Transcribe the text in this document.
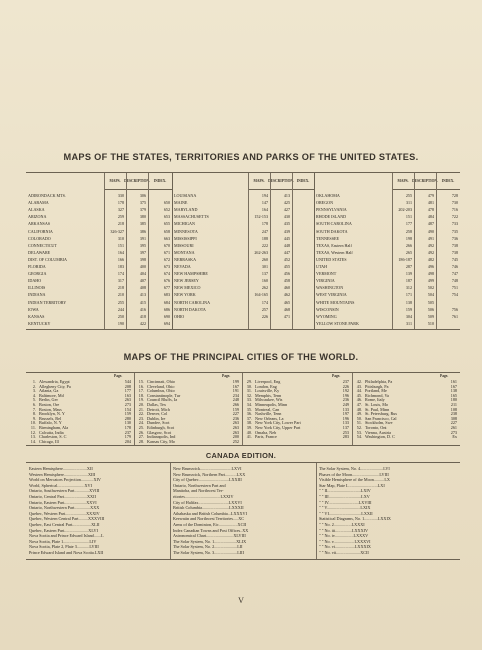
MAPS OF THE STATES, TERRITORIES AND PARKS OF THE UNITED STATES.
MAPS. DESCRIPTION.	INDEX.
ADIRONDACK MTS.	330	306
ALABAMA	178	375	650
ALASKA	327	379	652
ARIZONA	259	380	653
ARKANSAS	218	385	655
CALIFORNIA	326-327	386	658
COLORADO	310	391	663
CONNECTICUT	151	395	670
DELAWARE	164	397	671
DIST. OF COLUMBIA	166	398	672
FLORIDA	183	400	673
GEORGIA	174	404	674
IDAHO	317	407	676
ILLINOIS	218	408	677
INDIANA	210	413	683
INDIAN TERRITORY	255	415	684
IOWA	244	416	686
KANSAS	250	418	690
KENTUCKY	190	422	694
MAPS. DESCRIPTION. INDEX.
LOUISIANA	194	413
MAINE	147	425
MARYLAND	164	427
MASSACHUSETTS	152-153	430
MICHIGAN	178	435
MINNESOTA	247	439
MISSISSIPPI	188	445
MISSOURI	222	448
MONTANA	262-263	447
NEBRASKA	260	452
NEVADA	301	455
NEW HAMPSHIRE	137	456
NEW JERSEY	160	458
NEW MEXICO	262	460
NEW YORK	164-165	462
NORTH CAROLINA	174	465
NORTH DAKOTA	257	468
OHIO	226	471
MAPS. DESCRIPTION.	INDEX.
OKLAHOMA	255	479	728
OREGON	311	481	730
PENNSYLVANIA	202-203	478	716
RHODE ISLAND	151	484	722
SOUTH CAROLINA	177	487	733
SOUTH DAKOTA	258	490	735
TENNESSEE	198	491	736
TEXAS, Eastern Half	266	492	738
TEXAS, Western Half	265	492	738
UNITED STATES	186-187	482	745
UTAH	287	496	746
VERMONT	139	498	747
VIRGINIA	187	499	748
WASHINGTON	312	502	751
WEST VIRGINIA	171	504	754
WHITE MOUNTAINS	138	505
WISCONSIN	159	506	756
WYOMING	304	509	761
YELLOW STONE PARK	311	510
MAPS OF THE PRINCIPAL CITIES OF THE WORLD.
Page.
1. Alexandria, Egypt	544
2. Allegheny City, Pa	208
3. Atlanta, Ga	177
4. Baltimore, Md	163
5. Berlin, Ger	263
6. Boston, Ore	273
7. Boston, Mass	154
8. Brooklyn, N. Y	159
9. Brussels, Bel	280
10. Buffalo, N. Y	130
11. Birmingham, Ala	178
12. Calcutta, India	237
13. Charleston, S. C	179
14. Chicago, Ill	204
Page.
15. Cincinnati, Ohio	199
16. Cleveland, Ohio	167
17. Columbus, Ohio	191
18. Constantinople, Tur	234
19. Council Bluffs, Ia	248
20. Dallas, Tex	266
21. Detroit, Mich	159
22. Denver, Col	227
23. Dublin, Ire	236
24. Dundee, Scot	263
25. Edinburgh, Scot	263
26. Glasgow, Scot	263
27. Indianapolis, Ind	200
28. Kansas City, Mo	252
Page.
29. Liverpool, Eng	237
30. London, Eng	226
31. Louisville, Ky	192
32. Memphis, Tenn	196
33. Milwaukee, Wis	236
34. Minneapolis, Minn	249
35. Montreal, Can	133
36. Nashville, Tenn	197
37. New Orleans, La	196
38. New York City, Lower Part	133
39. New York City, Upper Part	137
40. Omaha, Neb	253
41. Paris, France	283
Page.
42. Philadelphia, Pa	161
43. Pittsburgh, Pa	167
44. Portland, Me	138
45. Richmond, Va	165
46. Rome, Italy	180
47. St. Louis, Mo	211
48. St. Paul, Minn	108
49. St. Petersburg, Rus	238
50. San Francisco, Cal	308
51. Stockholm, Swe	227
52. Toronto, Ont	261
53. Vienna, Austria	273
54. Washington, D. C	Ex
CANADA EDITION.
Eastern Hemisphere.......................XII
Western Hemisphere.......................XIII
World on Mercators Projection............XIV
World, Spherical..........................XVI
Ontario, Southwestern Part..............XVIII
Ontario, Central Part......................XXII
Ontario, Eastern Part.....................XXVI
Ontario, Northwestern Part...............XXX
Quebec, Western Part....................XXXIV
Quebec, Western Central Part.........XXXVIII
Quebec, East Central Part..................XLII
Quebec, Eastern Part.......................XLVI
Nova Scotia and Prince Edward Island.......L
Nova Scotia, Plate 1.........................LIV
Nova Scotia, Plate 2, Plate 3............LVIII
Prince Edward Island and Nova Scotia.LXII
New Brunswick..............................LXVI
New Brunswick, Northern Part...........LXX
City of Quebec.............................LXXIII
Ontario, Northwestern Part and
Manitoba, and Northwest Ter-
ritories..................................LXXIV
City of Halifax.............................LXXVI
British Columbia..........................LXXXII
Athabaska and British Columbia...LXXXVI
Keewatin and Northwest Territories.....XC
Arms of the Dominion, Etc..................XCII
Index Canadian Towns and Post Offices..XX
Astronomical Chart..........................XLVIII
The Solar System, No. 1.....................XLIX
The Solar System, No. 2......................LII
The Solar System, No. 3......................LIII
The Solar System, No. 4......................LVI
Phases of the Moon..........................LVIII
Visible Hemisphere of the Moon..........LX
Star Map, Plate I.............................LXI
" " II................................LXIV
" " III...............................LXV
" " IV.............................LXVIII
" " V................................LXIX
" " VI...............................LXXII
Statistical Diagrams, No. 1.............LXXIX
" " No. 2.................LXXXI
" " No. iii................LXXXIV
" " No. iv..................LXXXV
" " No. v....................LXXXVI
" " No. vi...................LXXXIX
" " No. vii.......................XCII
V
